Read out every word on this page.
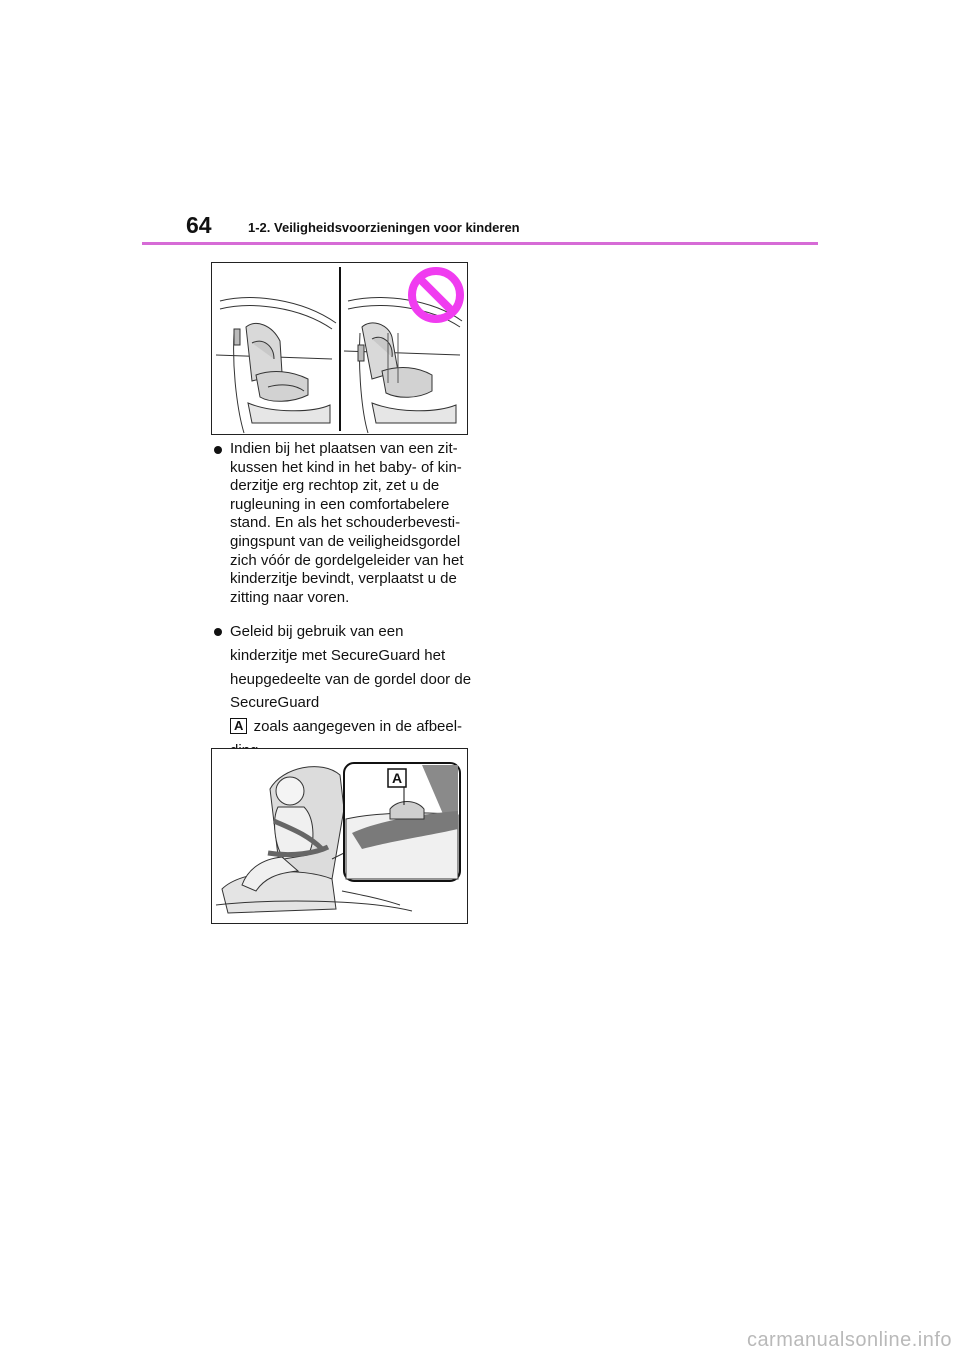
64	1-2. Veiligheidsvoorzieningen voor kinderen
Indien bij het plaatsen van een zit-kussen het kind in het baby- of kin-derzitje erg rechtop zit, zet u de rugleuning in een comfortabelere stand. En als het schouderbevesti-gingspunt van de veiligheidsgordel zich vóór de gordelgeleider van het kinderzitje bevindt, verplaatst u de zitting naar voren.
Geleid bij gebruik van een kinderzitje met SecureGuard het heupgedeelte van de gordel door de SecureGuard
A zoals aangegeven in de afbeel-
A
carmanualsonline.info
